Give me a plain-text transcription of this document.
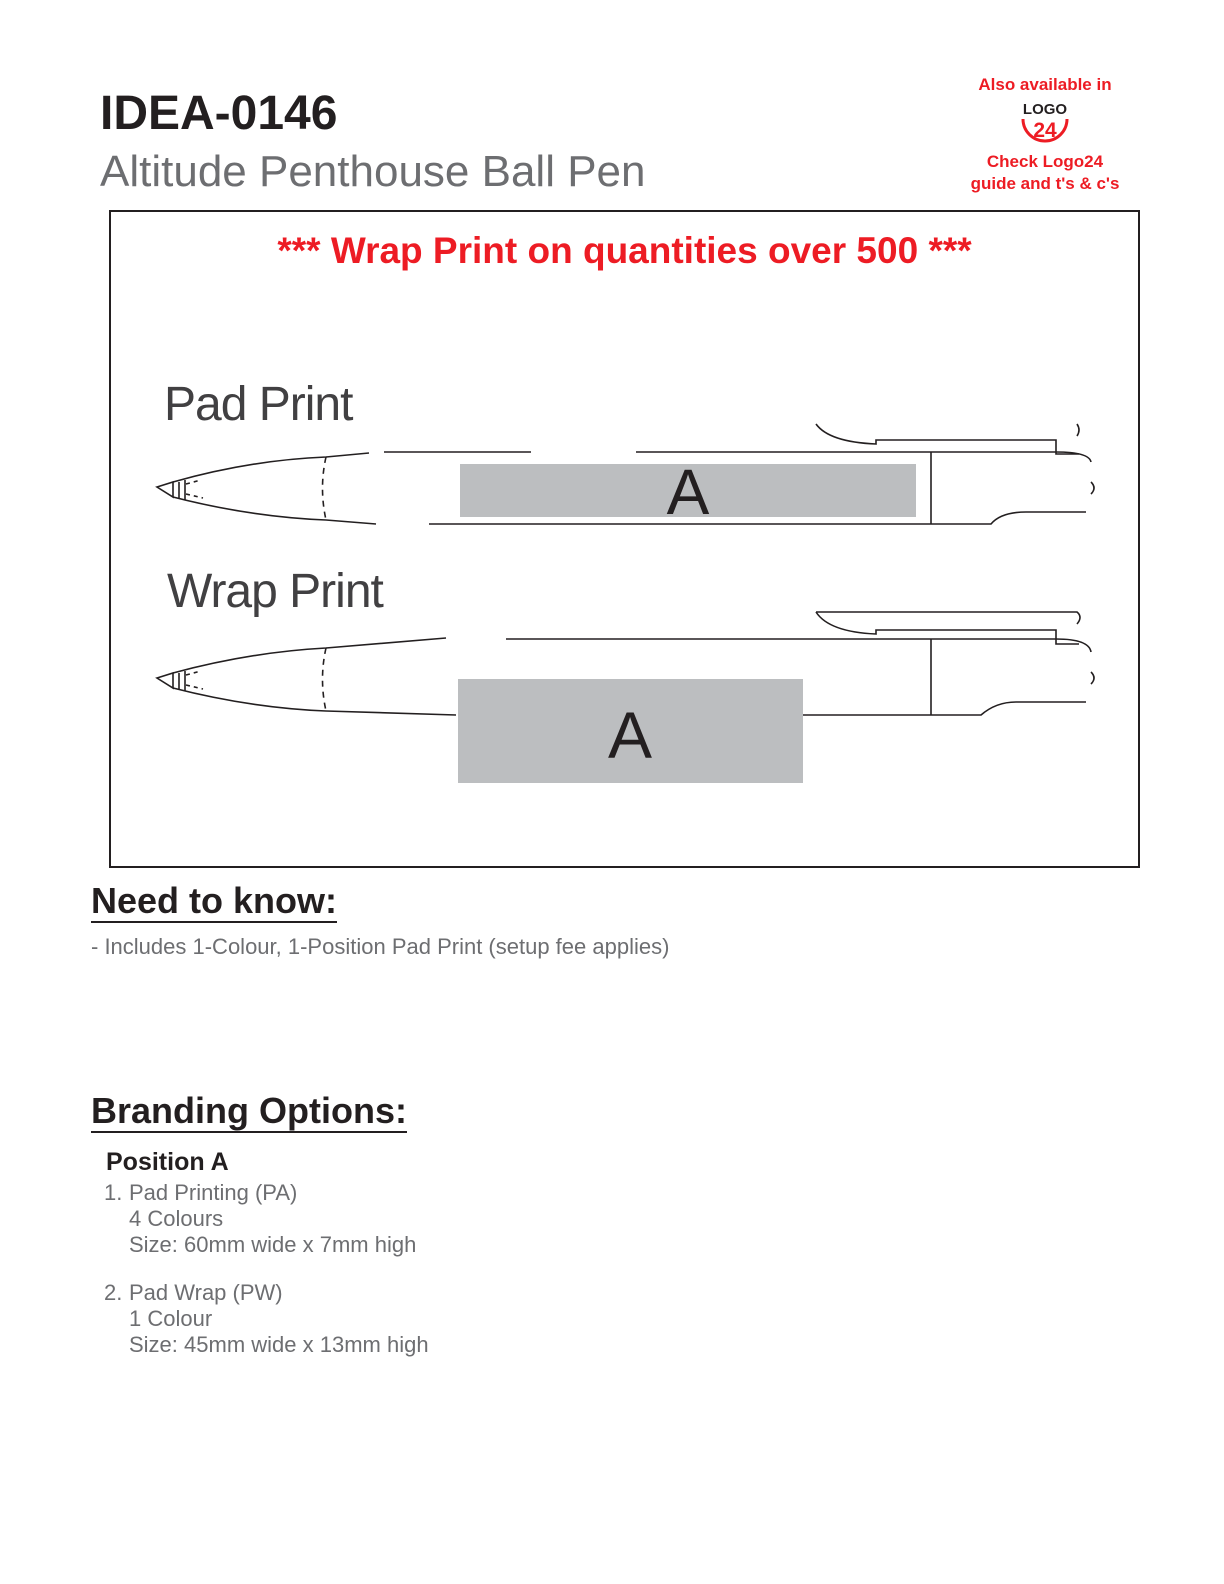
IDEA-0146
Altitude Penthouse Ball Pen
Also available in
LOGO
24
Check Logo24
guide and t's & c's
*** Wrap Print on quantities over 500 ***
Pad Print
Wrap Print
A
A
Need to know:
- Includes 1-Colour, 1-Position Pad Print (setup fee applies)
Branding Options:
Position A
1. Pad Printing (PA)
4 Colours
Size: 60mm wide x 7mm high
2. Pad Wrap (PW)
1 Colour
Size: 45mm wide x 13mm high
